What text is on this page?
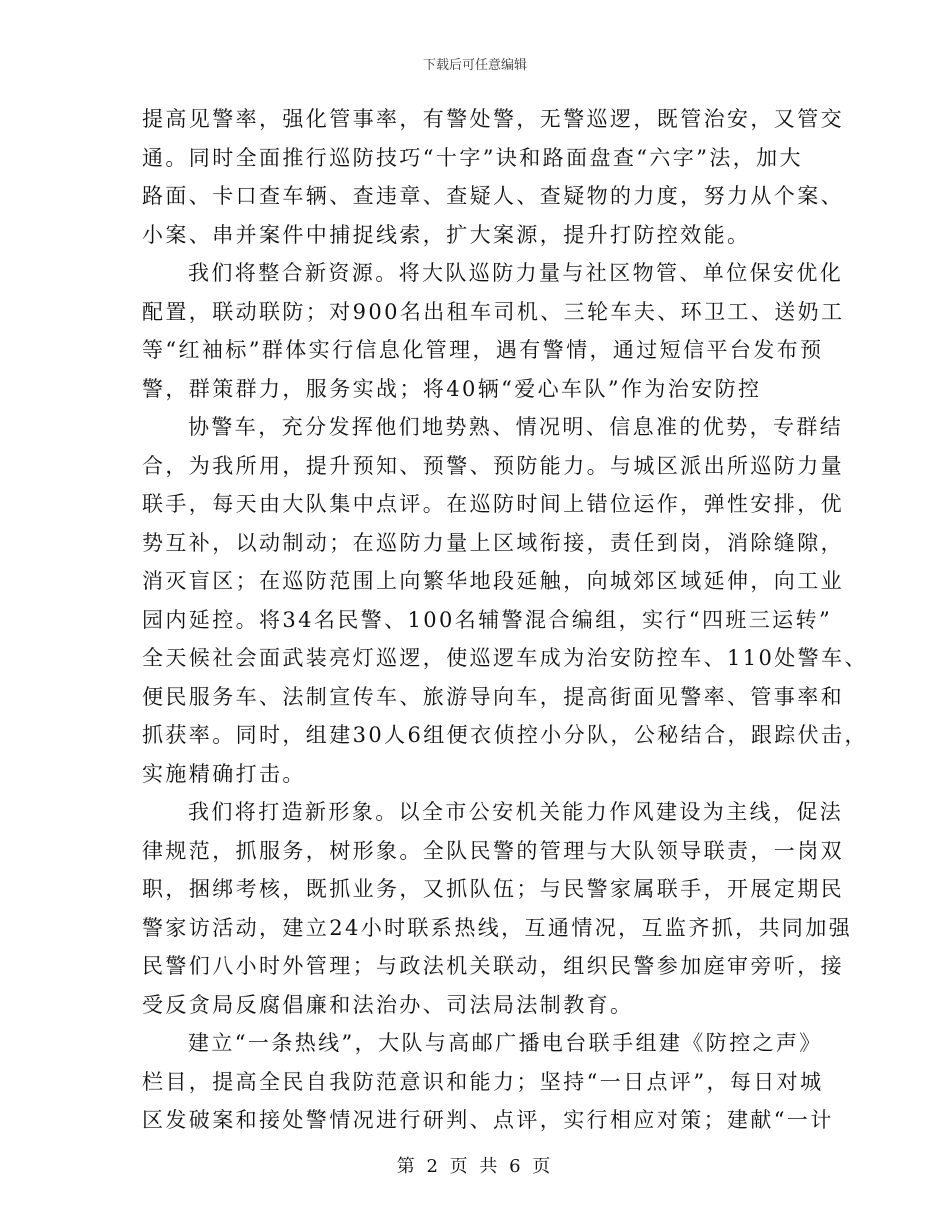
下载后可任意编辑
提高见警率，强化管事率，有警处警，无警巡逻，既管治安，又管交
通。同时全面推行巡防技巧“十字”诀和路面盘查“六字”法，加大
路面、卡口查车辆、查违章、查疑人、查疑物的力度，努力从个案、
小案、串并案件中捕捉线索，扩大案源，提升打防控效能。
我们将整合新资源。将大队巡防力量与社区物管、单位保安优化
配置，联动联防；对900名出租车司机、三轮车夫、环卫工、送奶工
等“红袖标”群体实行信息化管理，遇有警情，通过短信平台发布预
警，群策群力，服务实战；将40辆“爱心车队”作为治安防控
协警车，充分发挥他们地势熟、情况明、信息准的优势，专群结
合，为我所用，提升预知、预警、预防能力。与城区派出所巡防力量
联手，每天由大队集中点评。在巡防时间上错位运作，弹性安排，优
势互补，以动制动；在巡防力量上区域衔接，责任到岗，消除缝隙，
消灭盲区；在巡防范围上向繁华地段延触，向城郊区域延伸，向工业
园内延控。将34名民警、100名辅警混合编组，实行“四班三运转”
全天候社会面武装亮灯巡逻，使巡逻车成为治安防控车、110处警车、
便民服务车、法制宣传车、旅游导向车，提高街面见警率、管事率和
抓获率。同时，组建30人6组便衣侦控小分队，公秘结合，跟踪伏击，
实施精确打击。
我们将打造新形象。以全市公安机关能力作风建设为主线，促法
律规范，抓服务，树形象。全队民警的管理与大队领导联责，一岗双
职，捆绑考核，既抓业务，又抓队伍；与民警家属联手，开展定期民
警家访活动，建立24小时联系热线，互通情况，互监齐抓，共同加强
民警们八小时外管理；与政法机关联动，组织民警参加庭审旁听，接
受反贪局反腐倡廉和法治办、司法局法制教育。
建立“一条热线”，大队与高邮广播电台联手组建《防控之声》
栏目，提高全民自我防范意识和能力；坚持“一日点评”，每日对城
区发破案和接处警情况进行研判、点评，实行相应对策；建献“一计
第 2 页 共 6 页
